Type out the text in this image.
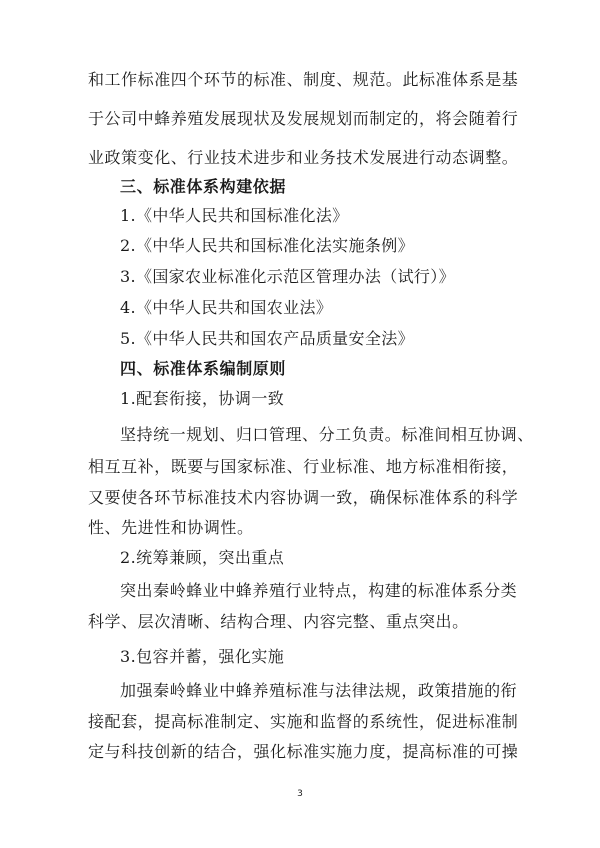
和工作标准四个环节的标准、制度、规范。此标准体系是基
于公司中蜂养殖发展现状及发展规划而制定的，将会随着行
业政策变化、行业技术进步和业务技术发展进行动态调整。
三、标准体系构建依据
1.《中华人民共和国标准化法》
2.《中华人民共和国标准化法实施条例》
3.《国家农业标准化示范区管理办法（试行）》
4.《中华人民共和国农业法》
5.《中华人民共和国农产品质量安全法》
四、标准体系编制原则
1.配套衔接，协调一致
坚持统一规划、归口管理、分工负责。标准间相互协调、
相互互补，既要与国家标准、行业标准、地方标准相衔接，
又要使各环节标准技术内容协调一致，确保标准体系的科学
性、先进性和协调性。
2.统筹兼顾，突出重点
突出秦岭蜂业中蜂养殖行业特点，构建的标准体系分类
科学、层次清晰、结构合理、内容完整、重点突出。
3.包容并蓄，强化实施
加强秦岭蜂业中蜂养殖标准与法律法规，政策措施的衔
接配套，提高标准制定、实施和监督的系统性，促进标准制
定与科技创新的结合，强化标准实施力度，提高标准的可操
3
